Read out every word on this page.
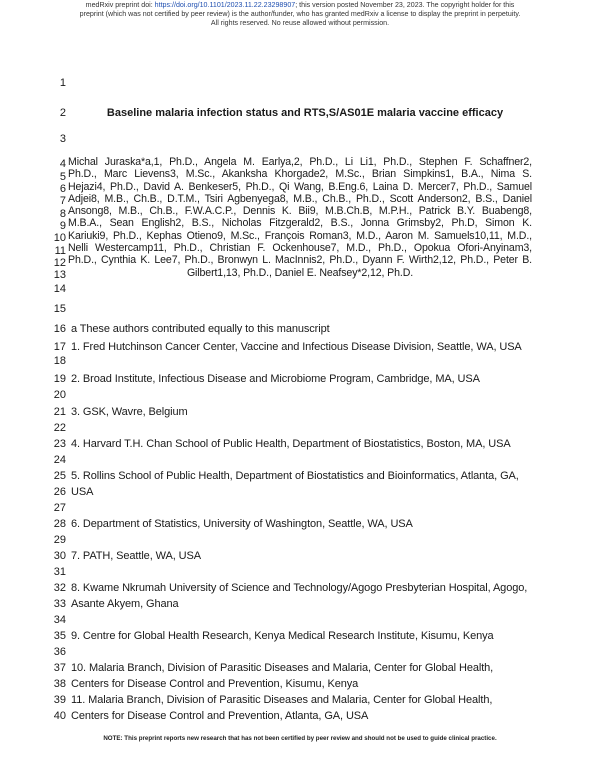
medRxiv preprint doi: https://doi.org/10.1101/2023.11.22.23298907; this version posted November 23, 2023. The copyright holder for this
preprint (which was not certified by peer review) is the author/funder, who has granted medRxiv a license to display the preprint in perpetuity.
All rights reserved. No reuse allowed without permission.
1
2
3
4
5
6
7
8
9
10
11
12
13
14
15
16
17
18
19
20
21
22
23
24
25
26
27
28
29
30
31
32
33
34
35
36
37
38
39
40
Baseline malaria infection status and RTS,S/AS01E malaria vaccine efficacy
Michal Juraska*a,1, Ph.D., Angela M. Earlya,2, Ph.D., Li Li1, Ph.D., Stephen F. Schaffner2,
Ph.D., Marc Lievens3, M.Sc., Akanksha Khorgade2, M.Sc., Brian Simpkins1, B.A., Nima S.
Hejazi4, Ph.D., David A. Benkeser5, Ph.D., Qi Wang, B.Eng.6, Laina D. Mercer7, Ph.D., Samuel
Adjei8, M.B., Ch.B., D.T.M., Tsiri Agbenyega8, M.B., Ch.B., Ph.D., Scott Anderson2, B.S., Daniel
Ansong8, M.B., Ch.B., F.W.A.C.P., Dennis K. Bii9, M.B.Ch.B, M.P.H., Patrick B.Y. Buabeng8,
M.B.A., Sean English2, B.S., Nicholas Fitzgerald2, B.S., Jonna Grimsby2, Ph.D, Simon K.
Kariuki9, Ph.D., Kephas Otieno9, M.Sc., François Roman3, M.D., Aaron M. Samuels10,11, M.D.,
Nelli Westercamp11, Ph.D., Christian F. Ockenhouse7, M.D., Ph.D., Opokua Ofori-Anyinam3,
Ph.D., Cynthia K. Lee7, Ph.D., Bronwyn L. MacInnis2, Ph.D., Dyann F. Wirth2,12, Ph.D., Peter B.
Gilbert1,13, Ph.D., Daniel E. Neafsey*2,12, Ph.D.
a These authors contributed equally to this manuscript
1. Fred Hutchinson Cancer Center, Vaccine and Infectious Disease Division, Seattle, WA, USA
2. Broad Institute, Infectious Disease and Microbiome Program, Cambridge, MA, USA
3. GSK, Wavre, Belgium
4. Harvard T.H. Chan School of Public Health, Department of Biostatistics, Boston, MA, USA
5. Rollins School of Public Health, Department of Biostatistics and Bioinformatics, Atlanta, GA,
USA
6. Department of Statistics, University of Washington, Seattle, WA, USA
7. PATH, Seattle, WA, USA
8. Kwame Nkrumah University of Science and Technology/Agogo Presbyterian Hospital, Agogo,
Asante Akyem, Ghana
9. Centre for Global Health Research, Kenya Medical Research Institute, Kisumu, Kenya
10. Malaria Branch, Division of Parasitic Diseases and Malaria, Center for Global Health,
Centers for Disease Control and Prevention, Kisumu, Kenya
11. Malaria Branch, Division of Parasitic Diseases and Malaria, Center for Global Health,
Centers for Disease Control and Prevention, Atlanta, GA, USA
NOTE: This preprint reports new research that has not been certified by peer review and should not be used to guide clinical practice.
